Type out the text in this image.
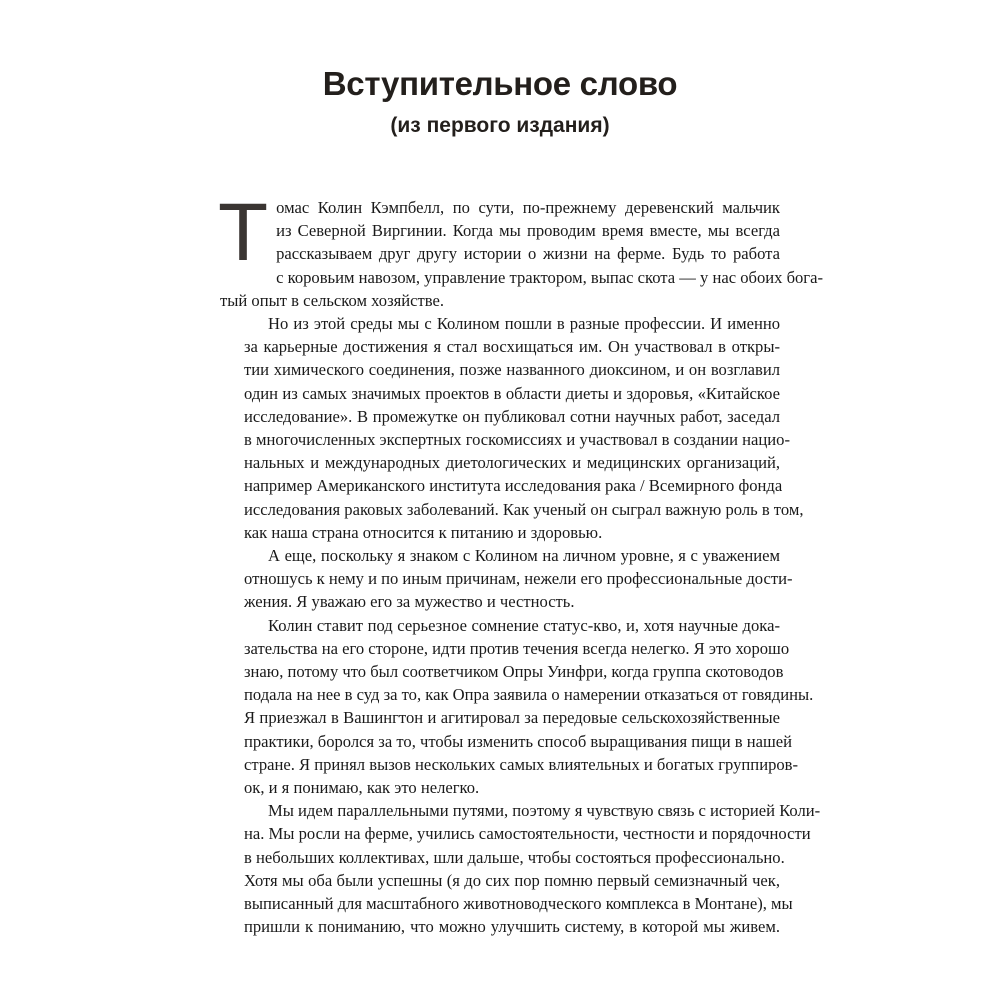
Вступительное слово
(из первого издания)
Т омас Колин Кэмпбелл, по сути, по-прежнему деревенский мальчик
из Северной Виргинии. Когда мы проводим время вместе, мы всегда
рассказываем друг другу истории о жизни на ферме. Будь то работа
с коровьим навозом, управление трактором, выпас скота — у нас обоих бога-
тый опыт в сельском хозяйстве.
Но из этой среды мы с Колином пошли в разные профессии. И именно
за карьерные достижения я стал восхищаться им. Он участвовал в откры-
тии химического соединения, позже названного диоксином, и он возглавил
один из самых значимых проектов в области диеты и здоровья, «Китайское
исследование». В промежутке он публиковал сотни научных работ, заседал
в многочисленных экспертных госкомиссиях и участвовал в создании нацио-
нальных и международных диетологических и медицинских организаций,
например Американского института исследования рака / Всемирного фонда
исследования раковых заболеваний. Как ученый он сыграл важную роль в том,
как наша страна относится к питанию и здоровью.
А еще, поскольку я знаком с Колином на личном уровне, я с уважением
отношусь к нему и по иным причинам, нежели его профессиональные дости-
жения. Я уважаю его за мужество и честность.
Колин ставит под серьезное сомнение статус-кво, и, хотя научные дока-
зательства на его стороне, идти против течения всегда нелегко. Я это хорошо
знаю, потому что был соответчиком Опры Уинфри, когда группа скотоводов
подала на нее в суд за то, как Опра заявила о намерении отказаться от говядины.
Я приезжал в Вашингтон и агитировал за передовые сельскохозяйственные
практики, боролся за то, чтобы изменить способ выращивания пищи в нашей
стране. Я принял вызов нескольких самых влиятельных и богатых группиров-
ок, и я понимаю, как это нелегко.
Мы идем параллельными путями, поэтому я чувствую связь с историей Коли-
на. Мы росли на ферме, учились самостоятельности, честности и порядочности
в небольших коллективах, шли дальше, чтобы состояться профессионально.
Хотя мы оба были успешны (я до сих пор помню первый семизначный чек,
выписанный для масштабного животноводческого комплекса в Монтане), мы
пришли к пониманию, что можно улучшить систему, в которой мы живем.
